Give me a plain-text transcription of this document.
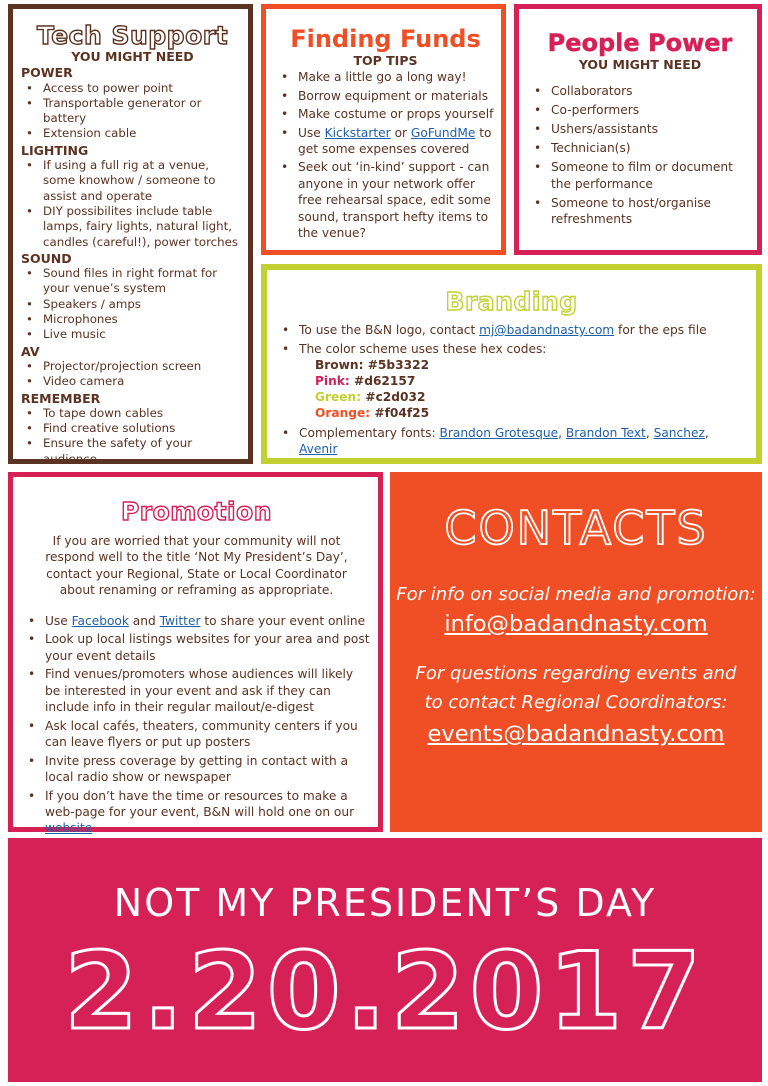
Tech Support
YOU MIGHT NEED
POWER
• Access to power point
• Transportable generator or battery
• Extension cable
LIGHTING
• If using a full rig at a venue, some knowhow / someone to assist and operate
• DIY possibilites include table lamps, fairy lights, natural light, candles (careful!), power torches
SOUND
• Sound files in right format for your venue’s system
• Speakers / amps
• Microphones
• Live music
AV
• Projector/projection screen
• Video camera
REMEMBER
• To tape down cables
• Find creative solutions
• Ensure the safety of your audience
Finding Funds
TOP TIPS
• Make a little go a long way!
• Borrow equipment or materials
• Make costume or props yourself
• Use Kickstarter or GoFundMe to get some expenses covered
• Seek out ‘in-kind’ support - can anyone in your network offer free rehearsal space, edit some sound, transport hefty items to the venue?
People Power
YOU MIGHT NEED
• Collaborators
• Co-performers
• Ushers/assistants
• Technician(s)
• Someone to film or document the performance
• Someone to host/organise refreshments
Branding
• To use the B&N logo, contact mj@badandnasty.com for the eps file
• The color scheme uses these hex codes:
Brown: #5b3322
Pink: #d62157
Green: #c2d032
Orange: #f04f25
• Complementary fonts: Brandon Grotesque, Brandon Text, Sanchez, Avenir
Promotion
If you are worried that your community will not respond well to the title ‘Not My President’s Day’, contact your Regional, State or Local Coordinator about renaming or reframing as appropriate.
• Use Facebook and Twitter to share your event online
• Look up local listings websites for your area and post your event details
• Find venues/promoters whose audiences will likely be interested in your event and ask if they can include info in their regular mailout/e-digest
• Ask local cafés, theaters, community centers if you can leave flyers or put up posters
• Invite press coverage by getting in contact with a local radio show or newspaper
• If you don’t have the time or resources to make a web-page for your event, B&N will hold one on our website
CONTACTS
For info on social media and promotion:
info@badandnasty.com
For questions regarding events and to contact Regional Coordinators:
events@badandnasty.com
NOT MY PRESIDENT’S DAY
2.20.2017
